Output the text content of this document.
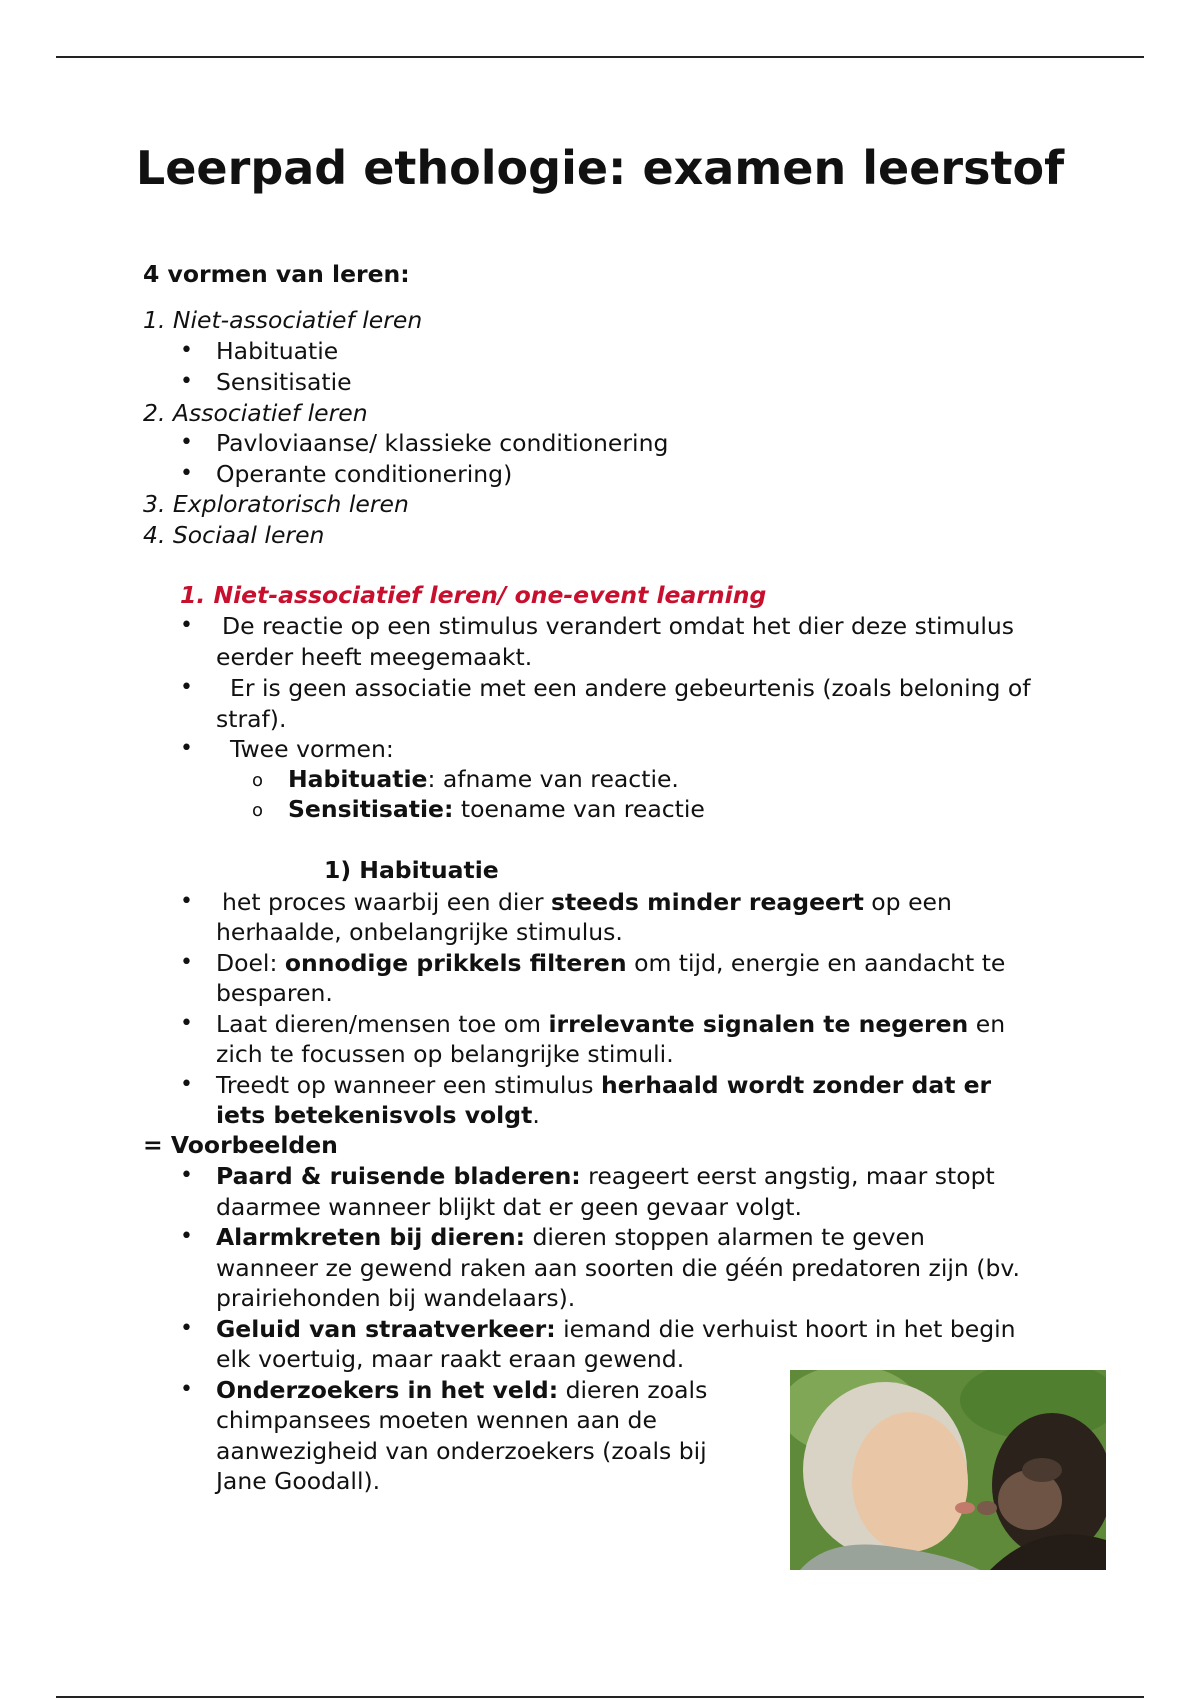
Leerpad ethologie: examen leerstof
4 vormen van leren:
1. Niet-associatief leren
• Habituatie
• Sensitisatie
2. Associatief leren
• Pavloviaanse/ klassieke conditionering
• Operante conditionering)
3. Exploratorisch leren
4. Sociaal leren
1. Niet-associatief leren/ one-event learning
• De reactie op een stimulus verandert omdat het dier deze stimulus
eerder heeft meegemaakt.
• Er is geen associatie met een andere gebeurtenis (zoals beloning of
straf).
• Twee vormen:
o Habituatie: afname van reactie.
o Sensitisatie: toename van reactie
1) Habituatie
• het proces waarbij een dier steeds minder reageert op een
herhaalde, onbelangrijke stimulus.
• Doel: onnodige prikkels filteren om tijd, energie en aandacht te
besparen.
• Laat dieren/mensen toe om irrelevante signalen te negeren en
zich te focussen op belangrijke stimuli.
• Treedt op wanneer een stimulus herhaald wordt zonder dat er
iets betekenisvols volgt.
= Voorbeelden
• Paard & ruisende bladeren: reageert eerst angstig, maar stopt
daarmee wanneer blijkt dat er geen gevaar volgt.
• Alarmkreten bij dieren: dieren stoppen alarmen te geven
wanneer ze gewend raken aan soorten die géén predatoren zijn (bv.
prairiehonden bij wandelaars).
• Geluid van straatverkeer: iemand die verhuist hoort in het begin
elk voertuig, maar raakt eraan gewend.
• Onderzoekers in het veld: dieren zoals
chimpansees moeten wennen aan de
aanwezigheid van onderzoekers (zoals bij
Jane Goodall).
